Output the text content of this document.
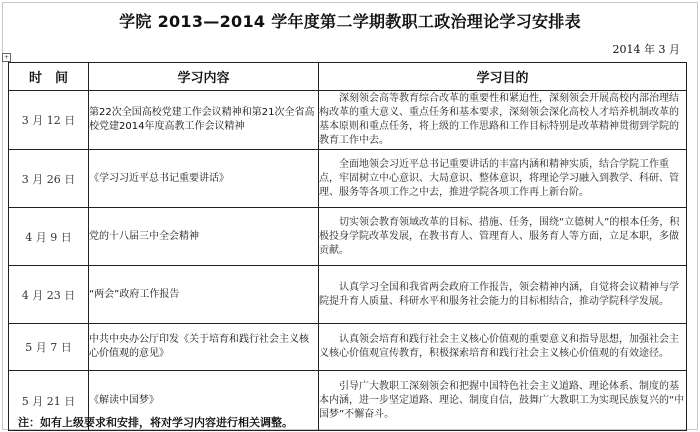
学院 2013—2014 学年度第二学期教职工政治理论学习安排表
2014 年 3 月
+
时　间	学习内容	学习目的
3 月 12 日	第22次全国高校党建工作会议精神和第21次全省高校党建2014年度高教工作会议精神	深刻领会高等教育综合改革的重要性和紧迫性，深刻领会开展高校内部治理结构改革的重大意义、重点任务和基本要求，深刻领会深化高校人才培养机制改革的基本原则和重点任务，将上级的工作思路和工作目标特别是改革精神贯彻到学院的教育工作中去。
3 月 26 日	《学习习近平总书记重要讲话》	全面地领会习近平总书记重要讲话的丰富内涵和精神实质，结合学院工作重点，牢固树立中心意识、大局意识、整体意识，将理论学习融入到教学、科研、管理、服务等各项工作之中去，推进学院各项工作再上新台阶。
4 月 9 日	党的十八届三中全会精神	切实领会教育领域改革的目标、措施、任务，围绕“立德树人”的根本任务，积极投身学院改革发展，在教书育人、管理育人、服务育人等方面，立足本职，多做贡献。
4 月 23 日	“两会”政府工作报告	认真学习全国和我省两会政府工作报告，领会精神内涵，自觉将会议精神与学院提升育人质量、科研水平和服务社会能力的目标相结合，推动学院科学发展。
5 月 7 日	中共中央办公厅印发《关于培育和践行社会主义核心价值观的意见》	认真领会培育和践行社会主义核心价值观的重要意义和指导思想，加强社会主义核心价值观宣传教育，积极探索培育和践行社会主义核心价值观的有效途径。
5 月 21 日	《解读中国梦》	引导广大教职工深刻领会和把握中国特色社会主义道路、理论体系、制度的基本内涵，进一步坚定道路、理论、制度自信，鼓舞广大教职工为实现民族复兴的“中国梦”不懈奋斗。
注：如有上级要求和安排，将对学习内容进行相关调整。
